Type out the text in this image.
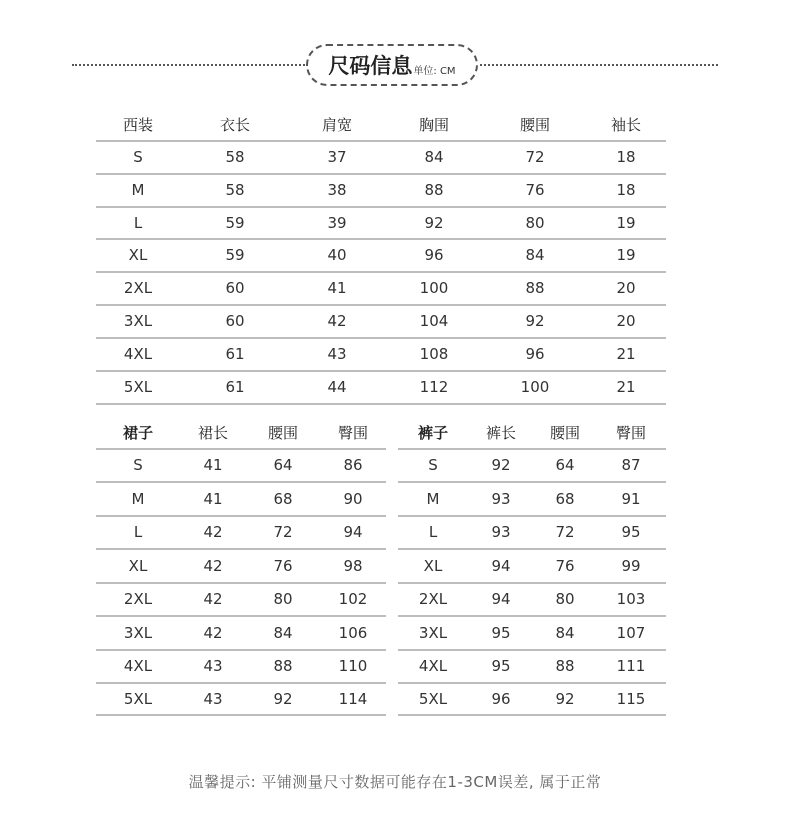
尺码信息 单位: CM
西装	衣长	肩宽	胸围	腰围	袖长
S	58	37	84	72	18
M	58	38	88	76	18
L	59	39	92	80	19
XL	59	40	96	84	19
2XL	60	41	100	88	20
3XL	60	42	104	92	20
4XL	61	43	108	96	21
5XL	61	44	112	100	21
裙子	裙长	腰围	臀围
S	41	64	86
M	41	68	90
L	42	72	94
XL	42	76	98
2XL	42	80	102
3XL	42	84	106
4XL	43	88	110
5XL	43	92	114
裤子	裤长	腰围	臀围
S	92	64	87
M	93	68	91
L	93	72	95
XL	94	76	99
2XL	94	80	103
3XL	95	84	107
4XL	95	88	111
5XL	96	92	115
温馨提示: 平铺测量尺寸数据可能存在1-3CM误差, 属于正常
